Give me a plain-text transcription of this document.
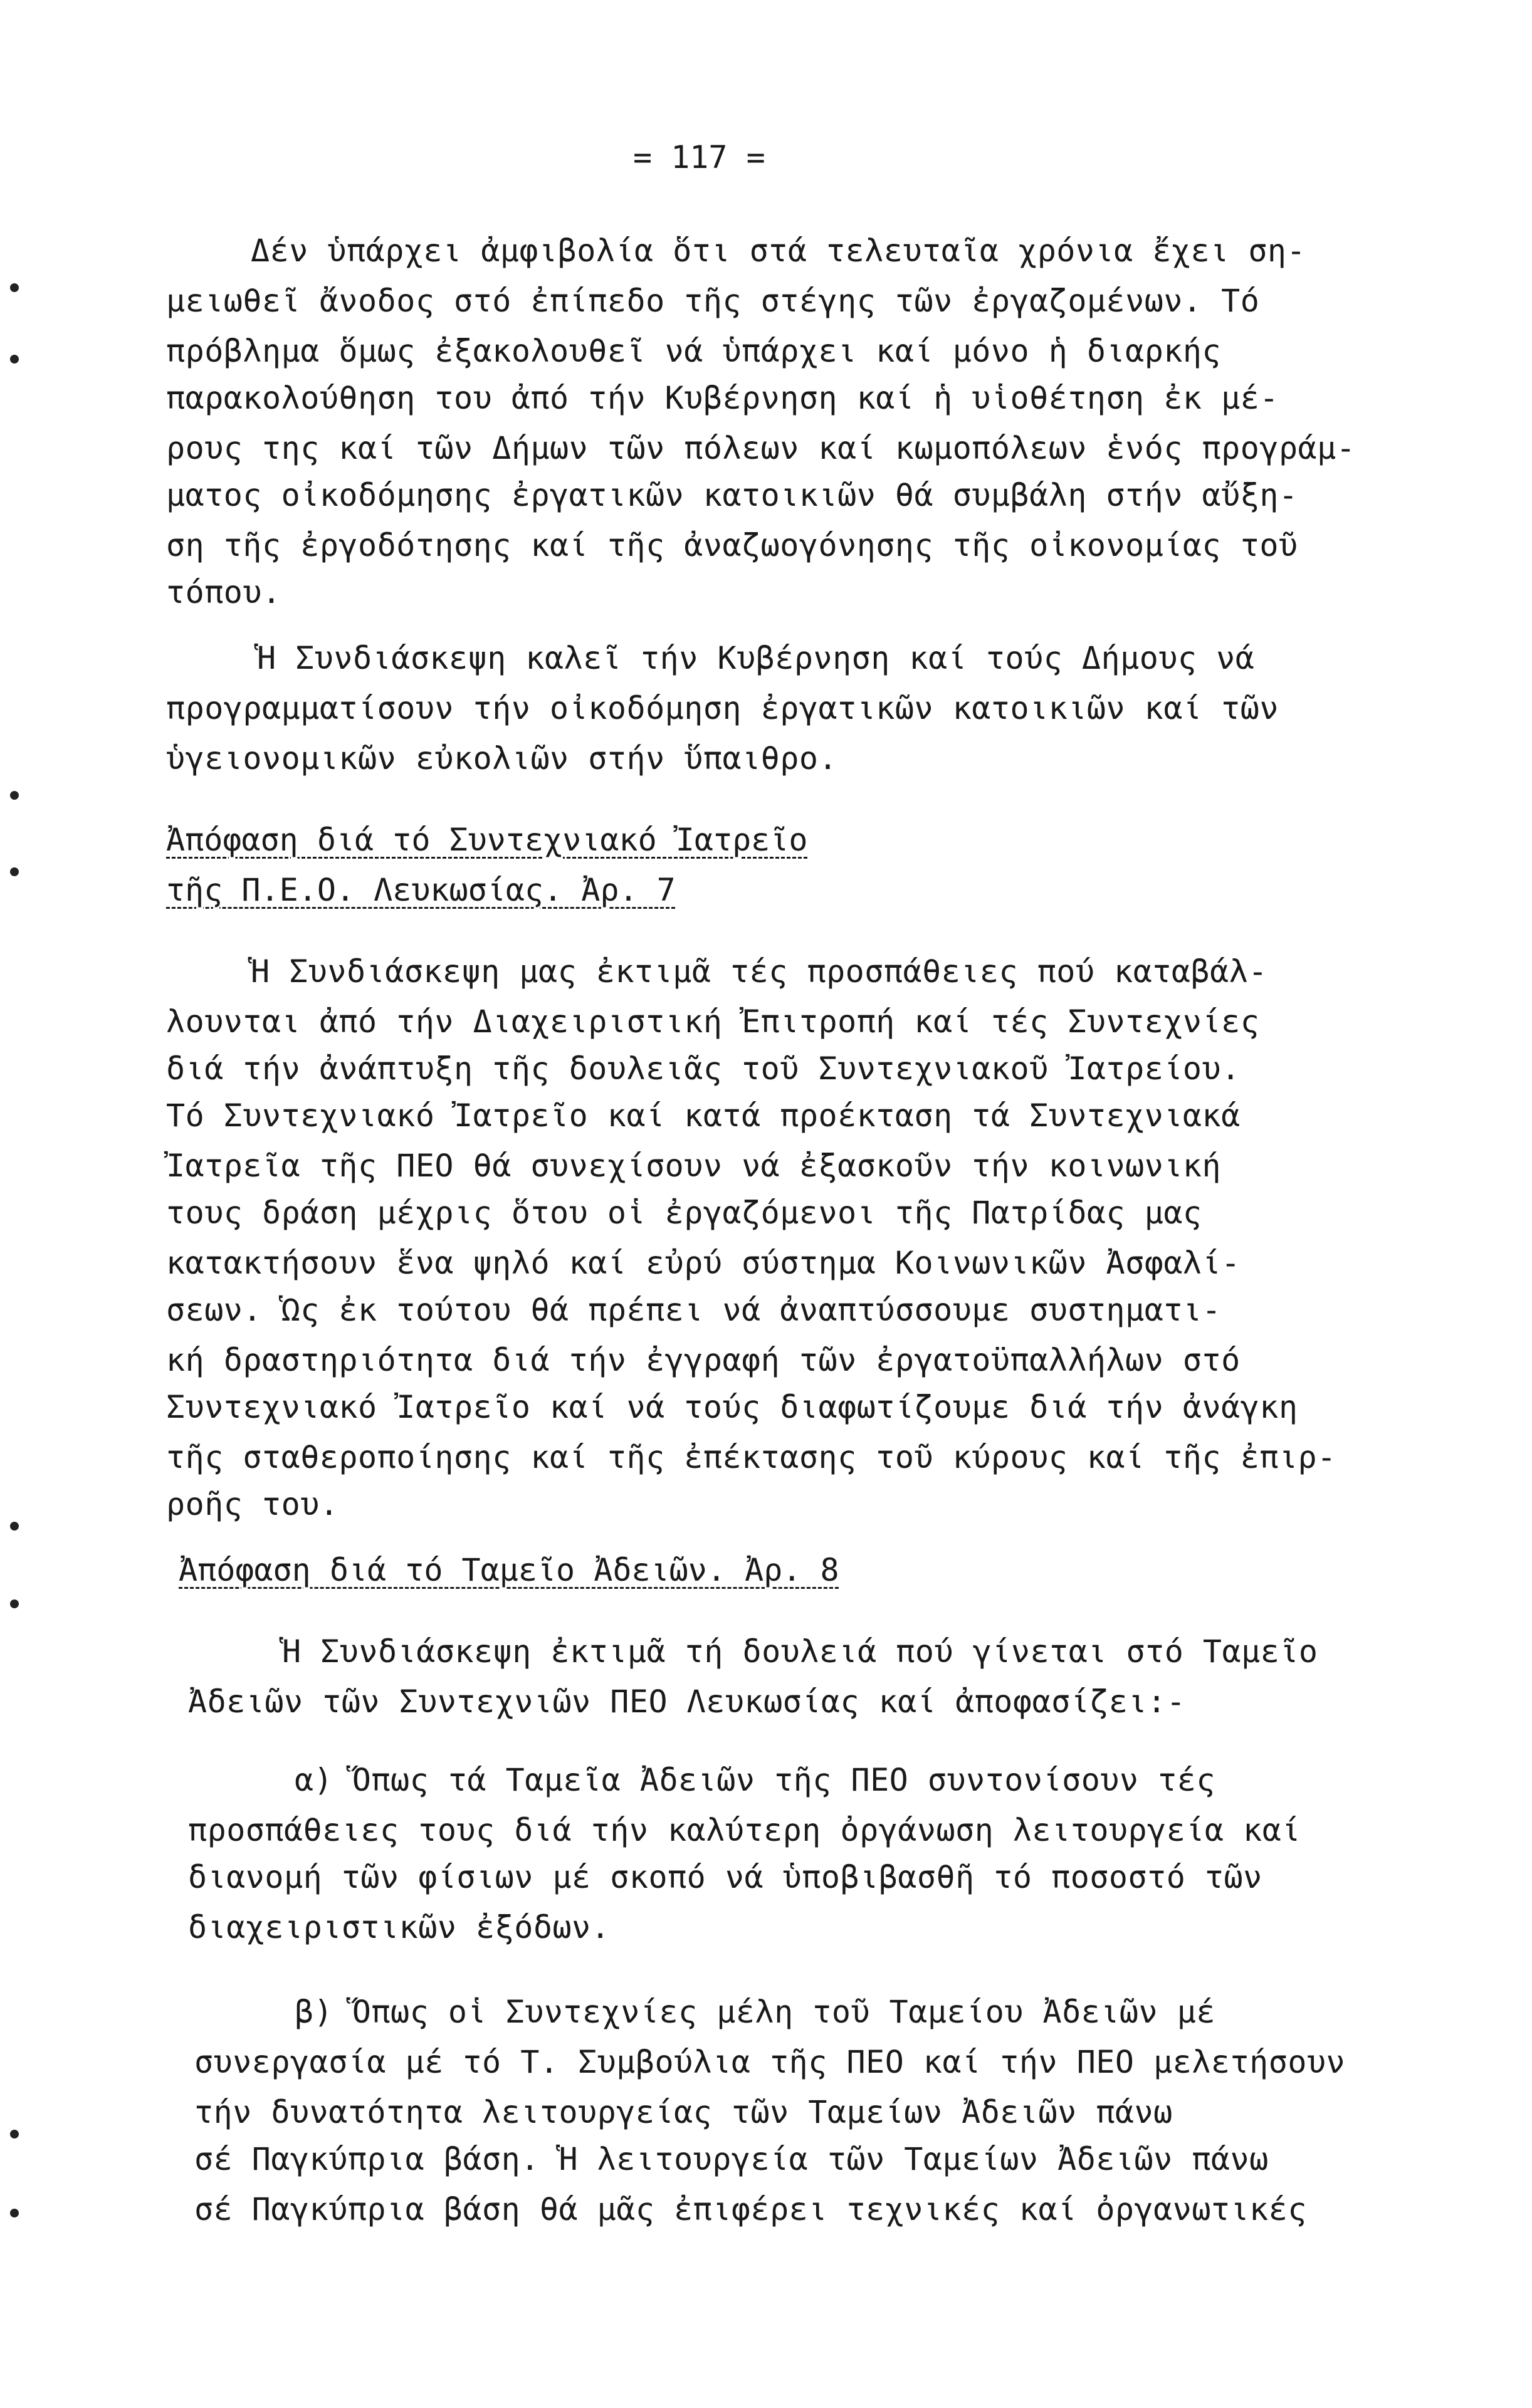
= 117 =
Δέν ὑπάρχει ἀμφιβολία ὅτι στά τελευταῖα χρόνια ἔχει ση-
μειωθεῖ ἄνοδος στό ἐπίπεδο τῆς στέγης τῶν ἐργαζομένων. Τό
πρόβλημα ὅμως ἐξακολουθεῖ νά ὑπάρχει καί μόνο ἡ διαρκής
παρακολούθηση του ἀπό τήν Κυβέρνηση καί ἡ υἱοθέτηση ἐκ μέ-
ρους της καί τῶν Δήμων τῶν πόλεων καί κωμοπόλεων ἑνός προγράμ-
ματος οἰκοδόμησης ἐργατικῶν κατοικιῶν θά συμβάλη στήν αὔξη-
ση τῆς ἐργοδότησης καί τῆς ἀναζωογόνησης τῆς οἰκονομίας τοῦ
τόπου.
Ἡ Συνδιάσκεψη καλεῖ τήν Κυβέρνηση καί τούς Δήμους νά
προγραμματίσουν τήν οἰκοδόμηση ἐργατικῶν κατοικιῶν καί τῶν
ὑγειονομικῶν εὐκολιῶν στήν ὕπαιθρο.
Ἀπόφαση διά τό Συντεχνιακό Ἰατρεῖο
τῆς Π.Ε.Ο. Λευκωσίας. Ἀρ. 7
Ἡ Συνδιάσκεψη μας ἐκτιμᾶ τές προσπάθειες πού καταβάλ-
λουνται ἀπό τήν Διαχειριστική Ἐπιτροπή καί τές Συντεχνίες
διά τήν ἀνάπτυξη τῆς δουλειᾶς τοῦ Συντεχνιακοῦ Ἰατρείου.
Τό Συντεχνιακό Ἰατρεῖο καί κατά προέκταση τά Συντεχνιακά
Ἰατρεῖα τῆς ΠΕΟ θά συνεχίσουν νά ἐξασκοῦν τήν κοινωνική
τους δράση μέχρις ὅτου οἱ ἐργαζόμενοι τῆς Πατρίδας μας
κατακτήσουν ἕνα ψηλό καί εὐρύ σύστημα Κοινωνικῶν Ἀσφαλί-
σεων. Ὡς ἐκ τούτου θά πρέπει νά ἀναπτύσσουμε συστηματι-
κή δραστηριότητα διά τήν ἐγγραφή τῶν ἐργατοϋπαλλήλων στό
Συντεχνιακό Ἰατρεῖο καί νά τούς διαφωτίζουμε διά τήν ἀνάγκη
τῆς σταθεροποίησης καί τῆς ἐπέκτασης τοῦ κύρους καί τῆς ἐπιρ-
ροῆς του.
Ἀπόφαση διά τό Ταμεῖο Ἀδειῶν. Ἀρ. 8
Ἡ Συνδιάσκεψη ἐκτιμᾶ τή δουλειά πού γίνεται στό Ταμεῖο
Ἀδειῶν τῶν Συντεχνιῶν ΠΕΟ Λευκωσίας καί ἀποφασίζει:-
α) Ὅπως τά Ταμεῖα Ἀδειῶν τῆς ΠΕΟ συντονίσουν τές
προσπάθειες τους διά τήν καλύτερη ὀργάνωση λειτουργεία καί
διανομή τῶν φίσιων μέ σκοπό νά ὑποβιβασθῆ τό ποσοστό τῶν
διαχειριστικῶν ἐξόδων.
β) Ὅπως οἱ Συντεχνίες μέλη τοῦ Ταμείου Ἀδειῶν μέ
συνεργασία μέ τό Τ. Συμβούλια τῆς ΠΕΟ καί τήν ΠΕΟ μελετήσουν
τήν δυνατότητα λειτουργείας τῶν Ταμείων Ἀδειῶν πάνω
σέ Παγκύπρια βάση. Ἡ λειτουργεία τῶν Ταμείων Ἀδειῶν πάνω
σέ Παγκύπρια βάση θά μᾶς ἐπιφέρει τεχνικές καί ὀργανωτικές
